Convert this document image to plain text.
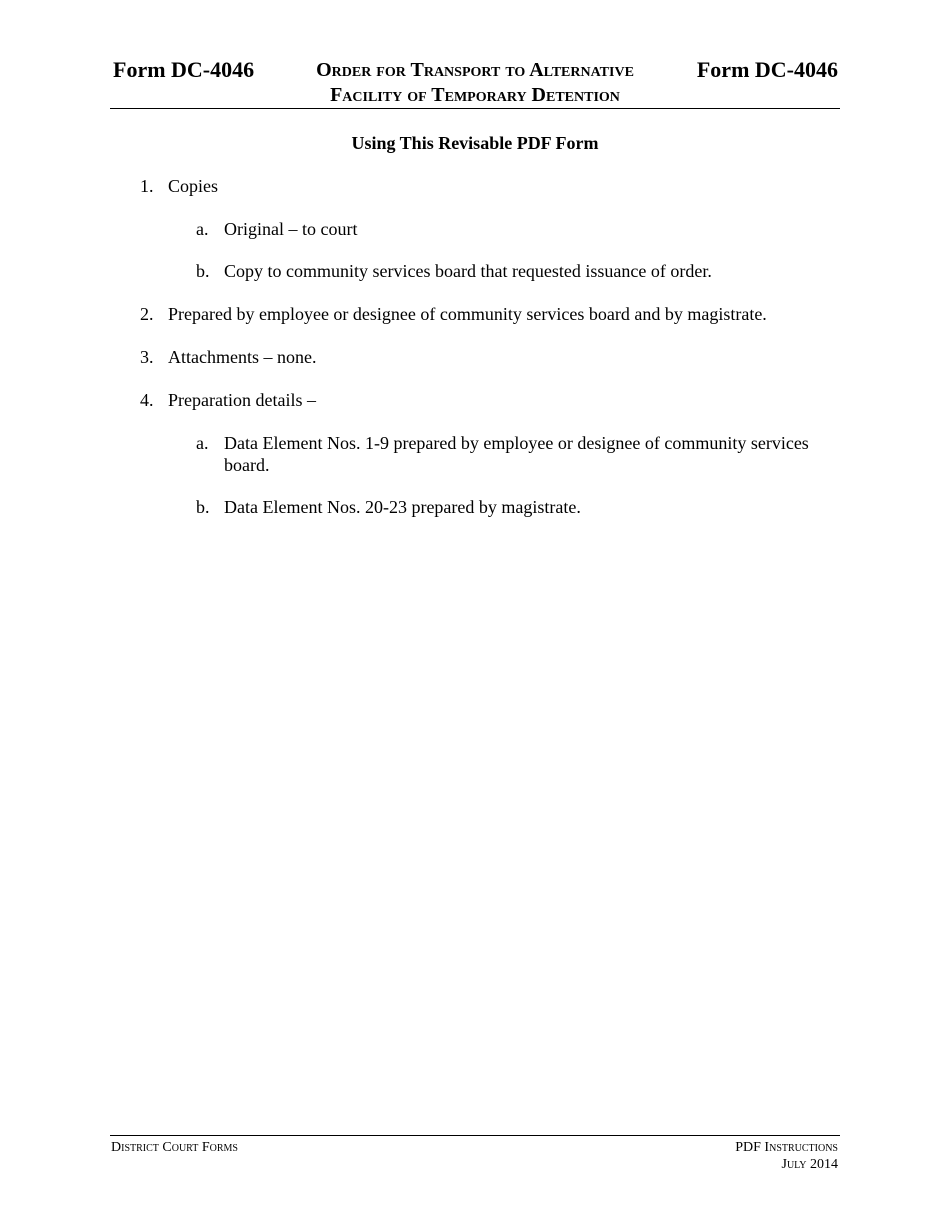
Form DC-4046	Order for Transport to Alternative
Facility of Temporary Detention
Form DC-4046
Using This Revisable PDF Form
1. Copies
a. Original – to court
b. Copy to community services board that requested issuance of order.
2. Prepared by employee or designee of community services board and by magistrate.
3. Attachments – none.
4. Preparation details –
a. Data Element Nos. 1-9 prepared by employee or designee of community services board.
b. Data Element Nos. 20-23 prepared by magistrate.
District Court Forms	PDF Instructions
July 2014
